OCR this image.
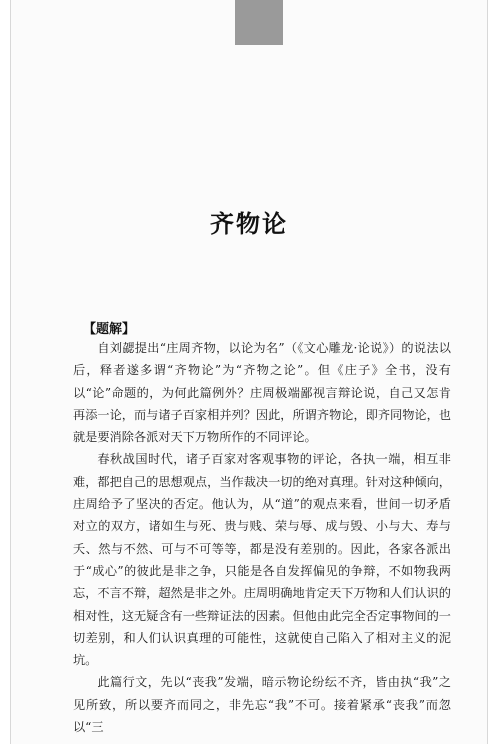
齐物论
【题解】

自刘勰提出“庄周齐物，以论为名”（《文心雕龙·论说》）的说法以后，释者遂多谓“齐物论”为“齐物之论”。但《庄子》全书，没有以“论”命题的，为何此篇例外？庄周极端鄙视言辩论说，自己又怎肯再添一论，而与诸子百家相并列？因此，所谓齐物论，即齐同物论，也就是要消除各派对天下万物所作的不同评论。

春秋战国时代，诸子百家对客观事物的评论，各执一端，相互非难，都把自己的思想观点，当作裁决一切的绝对真理。针对这种倾向，庄周给予了坚决的否定。他认为，从“道”的观点来看，世间一切矛盾对立的双方，诸如生与死、贵与贱、荣与辱、成与毁、小与大、寿与夭、然与不然、可与不可等等，都是没有差别的。因此，各家各派出于“成心”的彼此是非之争，只能是各自发挥偏见的争辩，不如物我两忘，不言不辩，超然是非之外。庄周明确地肯定天下万物和人们认识的相对性，这无疑含有一些辩证法的因素。但他由此完全否定事物间的一切差别，和人们认识真理的可能性，这就使自己陷入了相对主义的泥坑。

此篇行文，先以“丧我”发端，暗示物论纷纭不齐，皆由执“我”之见所致，所以要齐而同之，非先忘“我”不可。接着紧承“丧我”而忽以“三
